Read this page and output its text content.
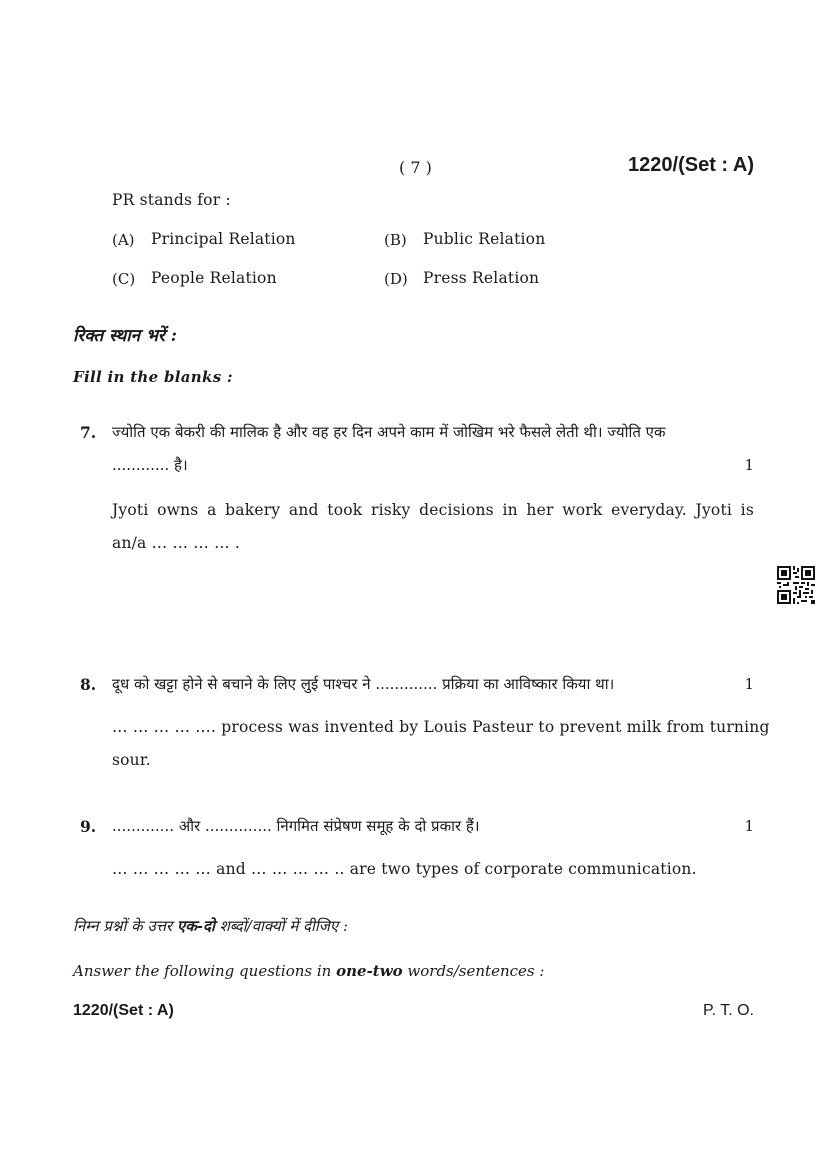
( 7 )	1220/(Set : A)
PR stands for :
(A) Principal Relation	(B) Public Relation
(C) People Relation	(D) Press Relation
रिक्त स्थान भरें :
Fill in the blanks :
7. ज्योति एक बेकरी की मालिक है और वह हर दिन अपने काम में जोखिम भरे फैसले लेती थी। ज्योति एक
............ है।	1
Jyoti owns a bakery and took risky decisions in her work everyday. Jyoti is
an/a … … … … .
8. दूध को खट्टा होने से बचाने के लिए लुई पाश्चर ने ............. प्रक्रिया का आविष्कार किया था।	1
… … … … …. process was invented by Louis Pasteur to prevent milk from turning
sour.
9. ............. और .............. निगमित संप्रेषण समूह के दो प्रकार हैं।	1
… … … … … and … … … … .. are two types of corporate communication.
निम्न प्रश्नों के उत्तर एक-दो शब्दों/वाक्यों में दीजिए :
Answer the following questions in one-two words/sentences :
1220/(Set : A)	P. T. O.
